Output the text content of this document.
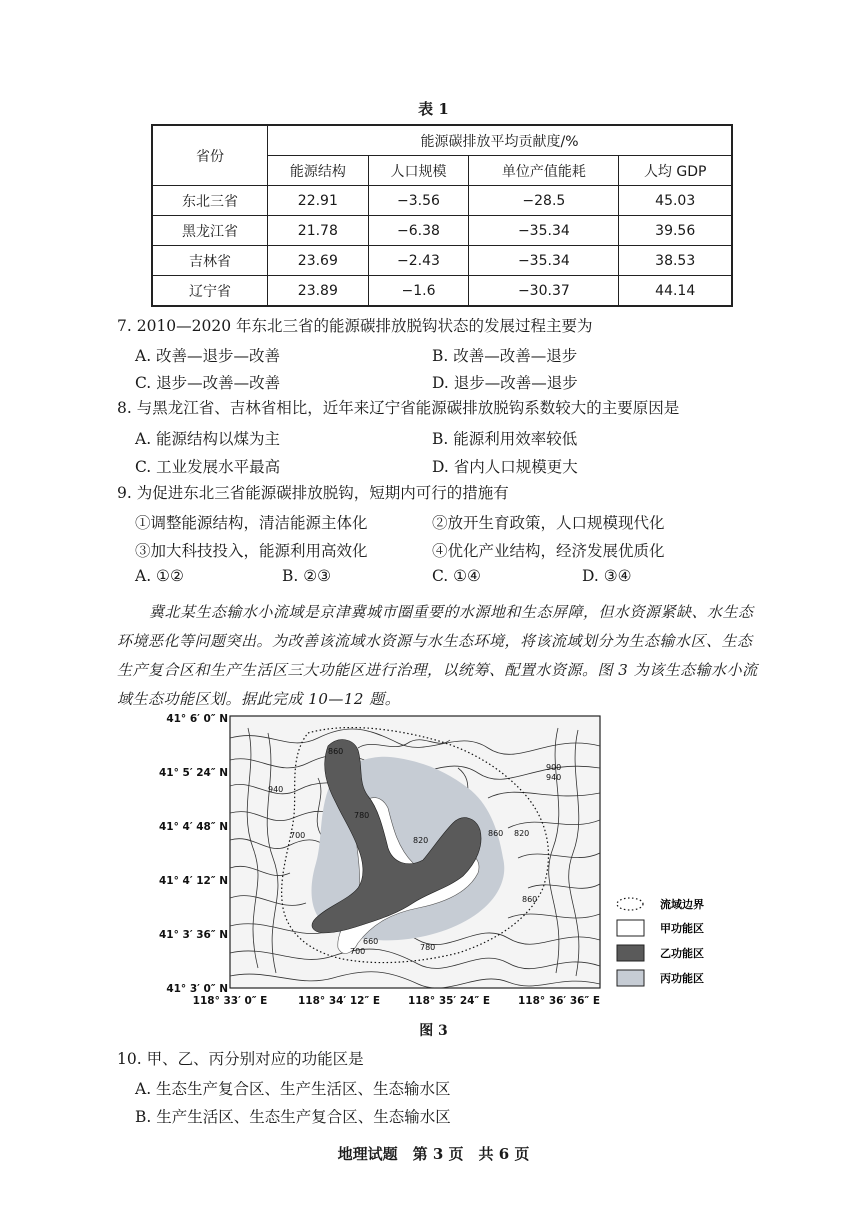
表 1
省份	能源碳排放平均贡献度/%			
	能源结构	人口规模	单位产值能耗	人均 GDP
东北三省	22.91	−3.56	−28.5	45.03
黑龙江省	21.78	−6.38	−35.34	39.56
吉林省	23.69	−2.43	−35.34	38.53
辽宁省	23.89	−1.6	−30.37	44.14
7. 2010—2020 年东北三省的能源碳排放脱钩状态的发展过程主要为
A. 改善—退步—改善	B. 改善—改善—退步
C. 退步—改善—改善	D. 退步—改善—退步
8. 与黑龙江省、吉林省相比，近年来辽宁省能源碳排放脱钩系数较大的主要原因是
A. 能源结构以煤为主	B. 能源利用效率较低
C. 工业发展水平最高	D. 省内人口规模更大
9. 为促进东北三省能源碳排放脱钩，短期内可行的措施有
①调整能源结构，清洁能源主体化	②放开生育政策，人口规模现代化
③加大科技投入，能源利用高效化	④优化产业结构，经济发展优质化
A. ①②	B. ②③	C. ①④	D. ③④
冀北某生态输水小流域是京津冀城市圈重要的水源地和生态屏障，但水资源紧缺、水生态环境恶化等问题突出。为改善该流域水资源与水生态环境，将该流域划分为生态输水区、生态生产复合区和生产生活区三大功能区进行治理，以统筹、配置水资源。图 3 为该生态输水小流域生态功能区划。据此完成 10—12 题。
860
940
780
820
860 820
900
940
860
660
700	780
700
41° 6′ 0″ N
41° 5′ 24″ N
41° 4′ 48″ N
41° 4′ 12″ N
41° 3′ 36″ N
41° 3′ 0″ N
118° 33′ 0″ E	118° 34′ 12″ E	118° 35′ 24″ E	118° 36′ 36″ E
流域边界
甲功能区
乙功能区
丙功能区
图 3
10. 甲、乙、丙分别对应的功能区是
A. 生态生产复合区、生产生活区、生态输水区
B. 生产生活区、生态生产复合区、生态输水区
地理试题　第 3 页　共 6 页
